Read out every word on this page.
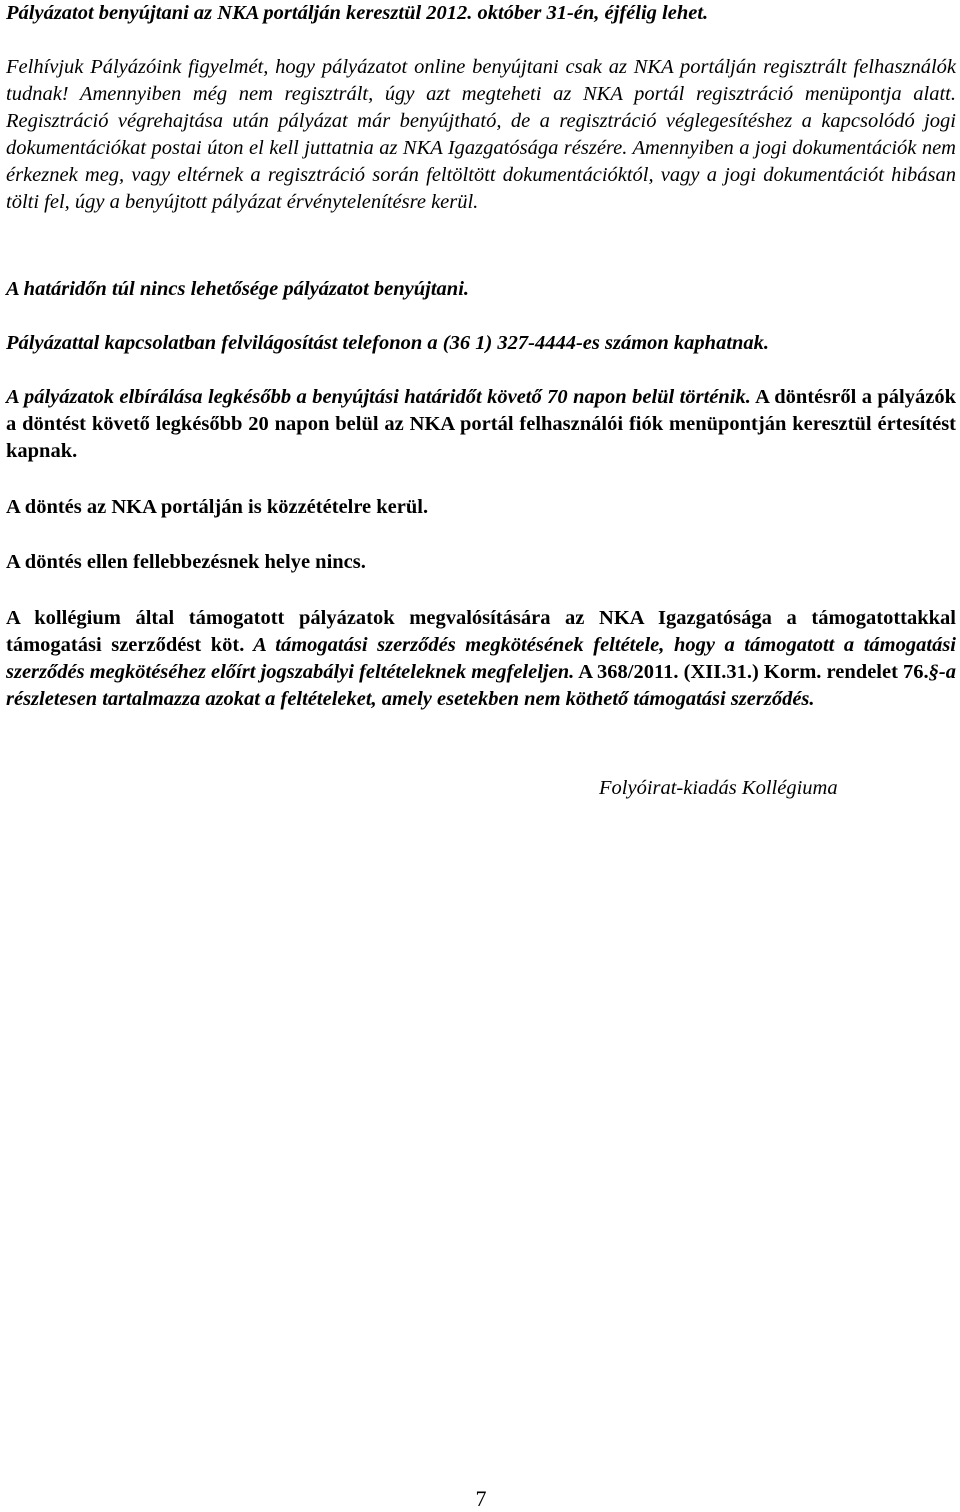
Pályázatot benyújtani az NKA portálján keresztül 2012. október 31-én, éjfélig lehet.

Felhívjuk Pályázóink figyelmét, hogy pályázatot online benyújtani csak az NKA portálján regisztrált felhasználók tudnak! Amennyiben még nem regisztrált, úgy azt megteheti az NKA portál regisztráció menüpontja alatt. Regisztráció végrehajtása után pályázat már benyújtható, de a regisztráció véglegesítéshez a kapcsolódó jogi dokumentációkat postai úton el kell juttatnia az NKA Igazgatósága részére. Amennyiben a jogi dokumentációk nem érkeznek meg, vagy eltérnek a regisztráció során feltöltött dokumentációktól, vagy a jogi dokumentációt hibásan tölti fel, úgy a benyújtott pályázat érvénytelenítésre kerül.

A határidőn túl nincs lehetősége pályázatot benyújtani.

Pályázattal kapcsolatban felvilágosítást telefonon a (36 1) 327-4444-es számon kaphatnak.

A pályázatok elbírálása legkésőbb a benyújtási határidőt követő 70 napon belül történik. A döntésről a pályázók a döntést követő legkésőbb 20 napon belül az NKA portál felhasználói fiók menüpontján keresztül értesítést kapnak.

A döntés az NKA portálján is közzétételre kerül.

A döntés ellen fellebbezésnek helye nincs.

A kollégium által támogatott pályázatok megvalósítására az NKA Igazgatósága a támogatottakkal támogatási szerződést köt. A támogatási szerződés megkötésének feltétele, hogy a támogatott a támogatási szerződés megkötéséhez előírt jogszabályi feltételeknek megfeleljen. A 368/2011. (XII.31.) Korm. rendelet 76.§-a részletesen tartalmazza azokat a feltételeket, amely esetekben nem köthető támogatási szerződés.

Folyóirat-kiadás Kollégiuma
7
